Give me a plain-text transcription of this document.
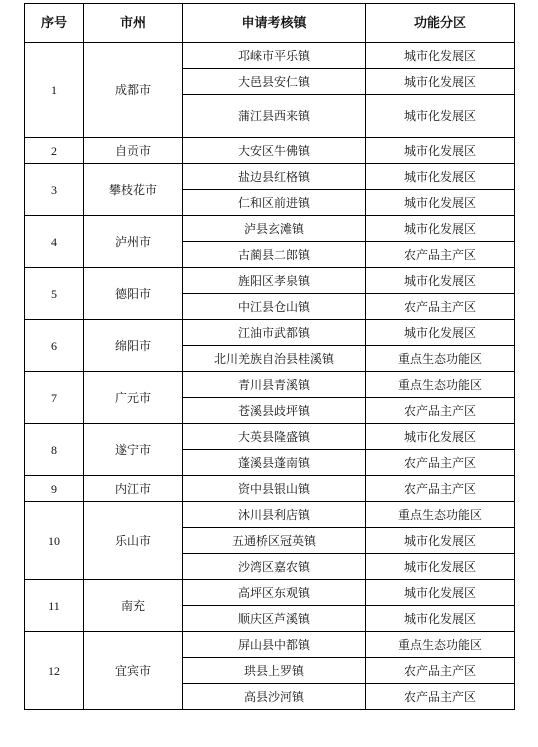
序号	市州	申请考核镇	功能分区
1	成都市	邛崃市平乐镇	城市化发展区
		大邑县安仁镇	城市化发展区
		蒲江县西来镇	城市化发展区
2	自贡市	大安区牛佛镇	城市化发展区
3	攀枝花市	盐边县红格镇	城市化发展区
		仁和区前进镇	城市化发展区
4	泸州市	泸县玄滩镇	城市化发展区
		古蔺县二郎镇	农产品主产区
5	德阳市	旌阳区孝泉镇	城市化发展区
		中江县仓山镇	农产品主产区
6	绵阳市	江油市武都镇	城市化发展区
		北川羌族自治县桂溪镇	重点生态功能区
7	广元市	青川县青溪镇	重点生态功能区
		苍溪县歧坪镇	农产品主产区
8	遂宁市	大英县隆盛镇	城市化发展区
		蓬溪县蓬南镇	农产品主产区
9	内江市	资中县银山镇	农产品主产区
10	乐山市	沐川县利店镇	重点生态功能区
		五通桥区冠英镇	城市化发展区
		沙湾区嘉农镇	城市化发展区
11	南充	高坪区东观镇	城市化发展区
		顺庆区芦溪镇	城市化发展区
12	宜宾市	屏山县中都镇	重点生态功能区
		珙县上罗镇	农产品主产区
		高县沙河镇	农产品主产区
